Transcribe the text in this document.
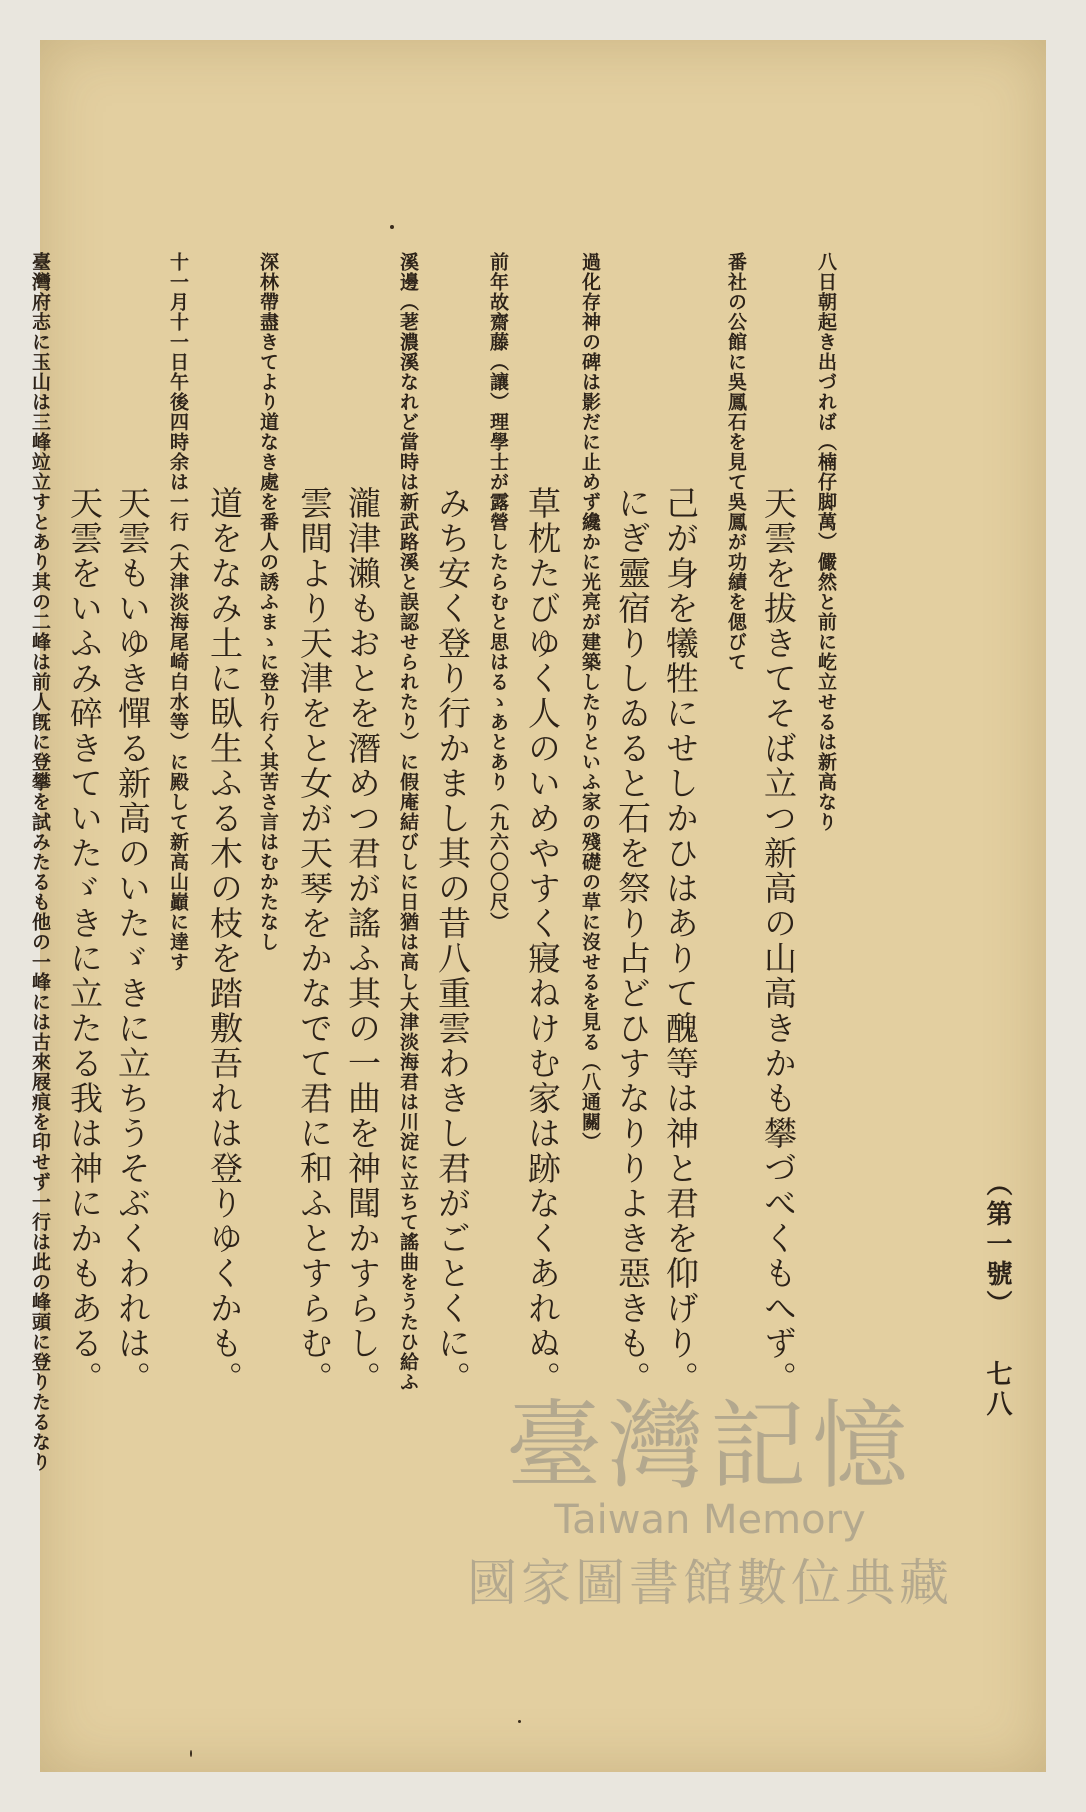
八日朝起き出づれば（楠仔脚萬）儼然と前に屹立せるは新高なり
天雲を拔きてそば立つ新高の山高きかも攀づべくもへず。
番社の公館に吳鳳石を見て吳鳳が功績を偲びて
己が身を犧牲にせしかひはありて醜等は神と君を仰げり。
にぎ靈宿りしゐると石を祭り占どひすなりりよき惡きも。
過化存神の碑は影だに止めず纔かに光亮が建築したりといふ家の殘礎の草に沒せるを見る（八通關）
草枕たびゆく人のいめやすく寢ねけむ家は跡なくあれぬ。
前年故齋藤（讓）理學士が露營したらむと思はるゝあとあり（九六〇〇尺）
みち安く登り行かまし其の昔八重雲わきし君がごとくに。
溪邊（荖濃溪なれど當時は新武路溪と誤認せられたり）に假庵結びしに日猶は高し大津淡海君は川淀に立ちて謠曲をうたひ給ふ
瀧津瀨もおとを潛めつ君が謠ふ其の一曲を神聞かすらし。
雲間より天津をと女が天琴をかなでて君に和ふとすらむ。
深林帶盡きてより道なき處を番人の誘ふまゝに登り行く其苦さ言はむかたなし
道をなみ土に臥生ふる木の枝を踏敷吾れは登りゆくかも。
十一月十一日午後四時余は一行（大津淡海尾崎白水等）に殿して新高山巓に達す
天雲もいゆき憚る新高のいたゞきに立ちうそぶくわれは。
天雲をいふみ碎きていたゞきに立たる我は神にかもある。
臺灣府志に玉山は三峰竝立すとあり其の二峰は前人旣に登攀を試みたるも他の一峰には古來屐痕を印せず一行は此の峰頭に登りたるなり	（第一號）
七八
臺灣記憶
Taiwan Memory
國家圖書館數位典藏
